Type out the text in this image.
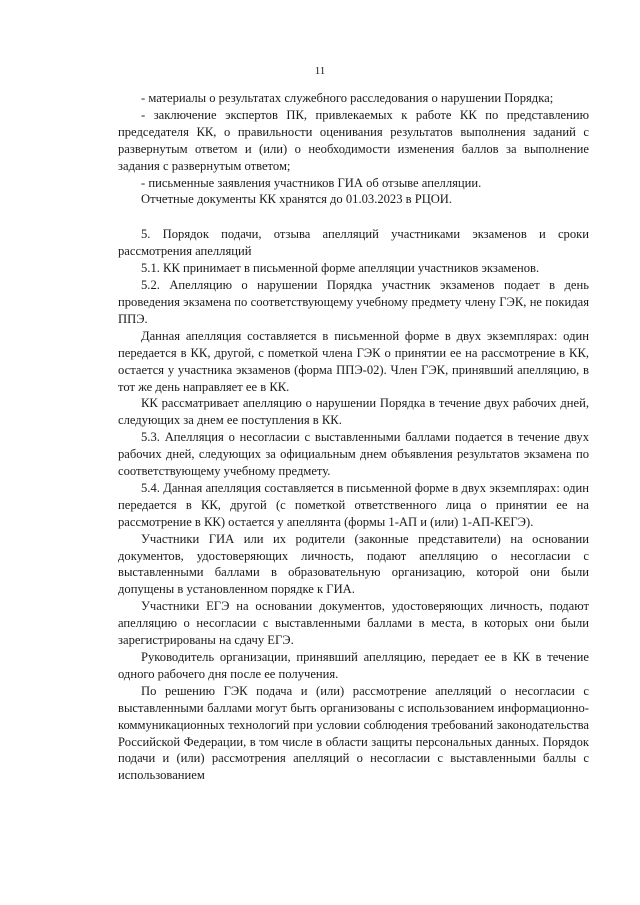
11

- материалы о результатах служебного расследования о нарушении Порядка;

- заключение экспертов ПК, привлекаемых к работе КК по представлению председателя КК, о правильности оценивания результатов выполнения заданий с развернутым ответом и (или) о необходимости изменения баллов за выполнение задания с развернутым ответом;

- письменные заявления участников ГИА об отзыве апелляции.

Отчетные документы КК хранятся до 01.03.2023 в РЦОИ.

5. Порядок подачи, отзыва апелляций участниками экзаменов и сроки рассмотрения апелляций

5.1. КК принимает в письменной форме апелляции участников экзаменов.

5.2. Апелляцию о нарушении Порядка участник экзаменов подает в день проведения экзамена по соответствующему учебному предмету члену ГЭК, не покидая ППЭ.

Данная апелляция составляется в письменной форме в двух экземплярах: один передается в КК, другой, с пометкой члена ГЭК о принятии ее на рассмотрение в КК, остается у участника экзаменов (форма ППЭ-02). Член ГЭК, принявший апелляцию, в тот же день направляет ее в КК.

КК рассматривает апелляцию о нарушении Порядка в течение двух рабочих дней, следующих за днем ее поступления в КК.

5.3. Апелляция о несогласии с выставленными баллами подается в течение двух рабочих дней, следующих за официальным днем объявления результатов экзамена по соответствующему учебному предмету.

5.4. Данная апелляция составляется в письменной форме в двух экземплярах: один передается в КК, другой (с пометкой ответственного лица о принятии ее на рассмотрение в КК) остается у апеллянта (формы 1-АП и (или) 1-АП-КЕГЭ).

Участники ГИА или их родители (законные представители) на основании документов, удостоверяющих личность, подают апелляцию о несогласии с выставленными баллами в образовательную организацию, которой они были допущены в установленном порядке к ГИА.

Участники ЕГЭ на основании документов, удостоверяющих личность, подают апелляцию о несогласии с выставленными баллами в места, в которых они были зарегистрированы на сдачу ЕГЭ.

Руководитель организации, принявший апелляцию, передает ее в КК в течение одного рабочего дня после ее получения.

По решению ГЭК подача и (или) рассмотрение апелляций о несогласии с выставленными баллами могут быть организованы с использованием информационно-коммуникационных технологий при условии соблюдения требований законодательства Российской Федерации, в том числе в области защиты персональных данных. Порядок подачи и (или) рассмотрения апелляций о несогласии с выставленными баллы с использованием
